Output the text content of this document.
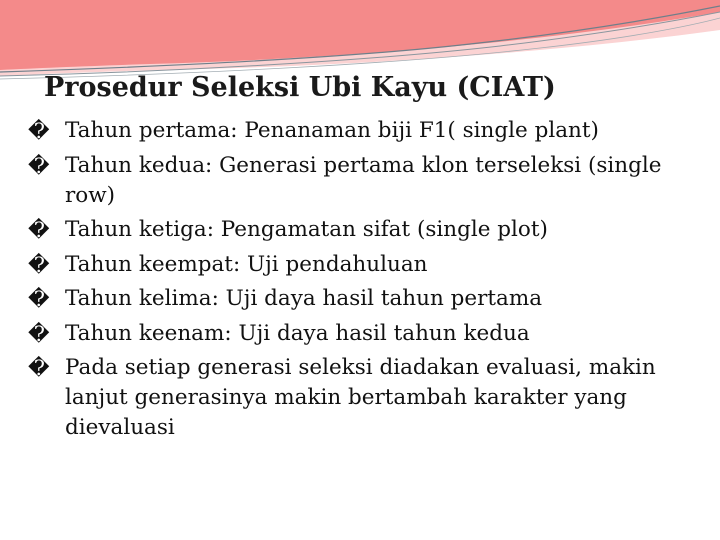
Prosedur Seleksi Ubi Kayu (CIAT)
� Tahun pertama: Penanaman biji F1( single plant)
� Tahun kedua: Generasi pertama klon terseleksi (single row)
� Tahun ketiga: Pengamatan sifat (single plot)
� Tahun keempat: Uji pendahuluan
� Tahun kelima: Uji daya hasil tahun pertama
� Tahun keenam: Uji daya hasil tahun kedua
� Pada setiap generasi seleksi diadakan evaluasi, makin lanjut generasinya makin bertambah karakter yang dievaluasi
